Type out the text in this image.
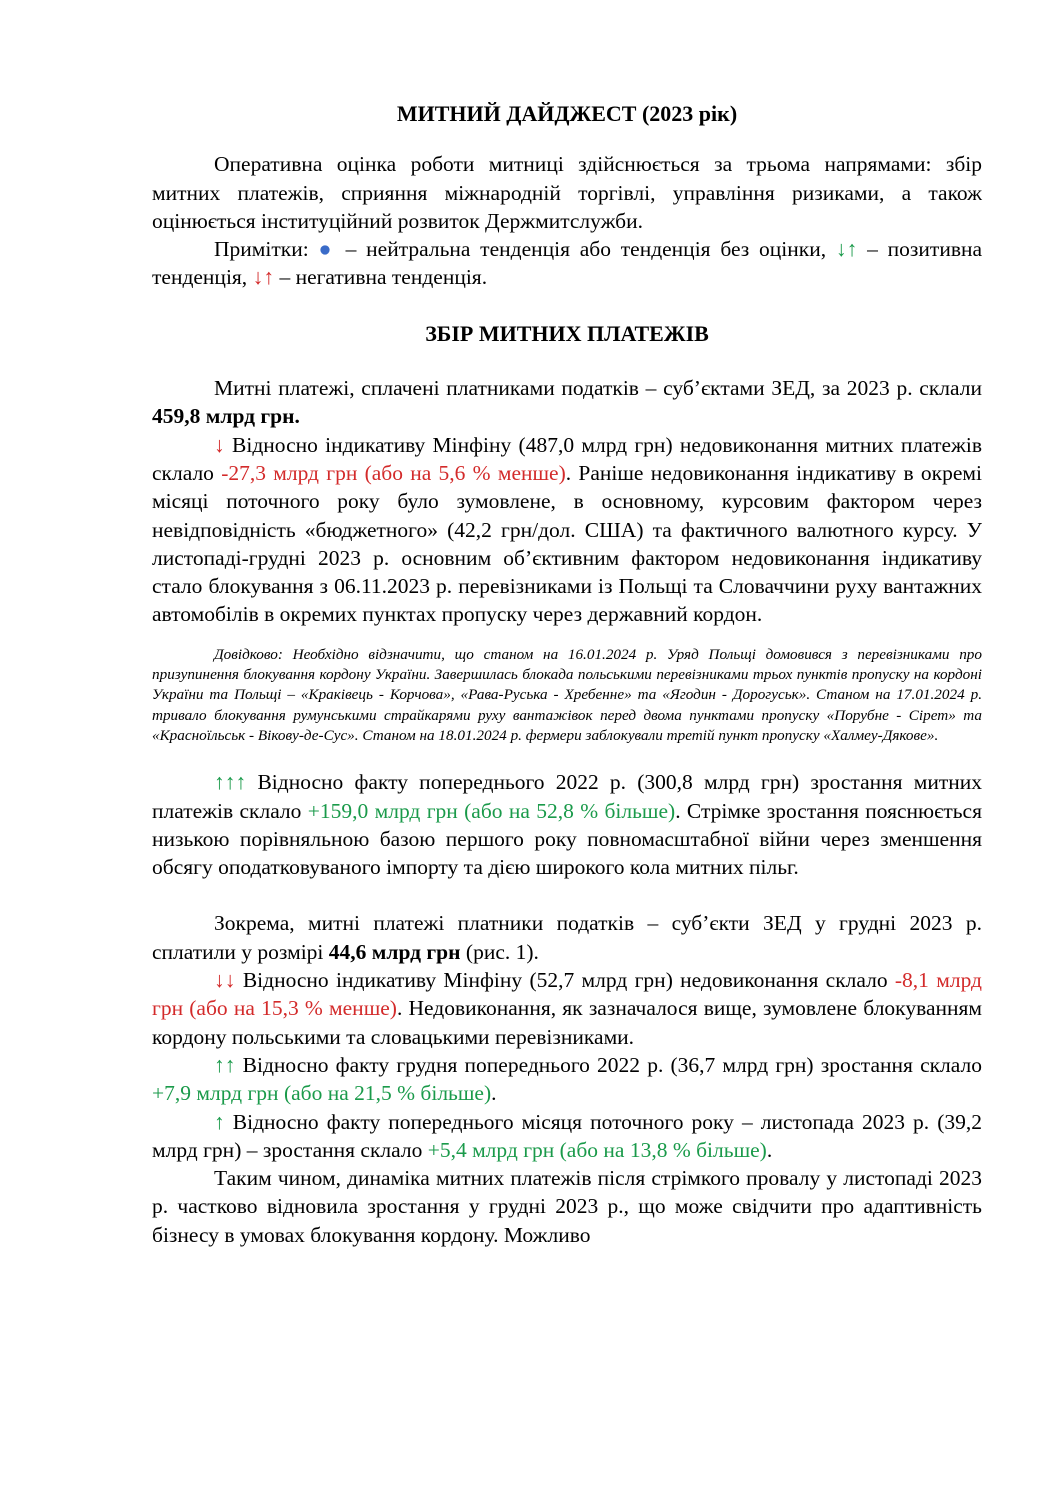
МИТНИЙ ДАЙДЖЕСТ (2023 рік)

Оперативна оцінка роботи митниці здійснюється за трьома напрямами: збір митних платежів, сприяння міжнародній торгівлі, управління ризиками, а також оцінюється інституційний розвиток Держмитслужби.

Примітки: ● – нейтральна тенденція або тенденція без оцінки, ↓↑ – позитивна тенденція, ↓↑ – негативна тенденція.

ЗБІР МИТНИХ ПЛАТЕЖІВ

Митні платежі, сплачені платниками податків – суб’єктами ЗЕД, за 2023 р. склали 459,8 млрд грн.

↓ Відносно індикативу Мінфіну (487,0 млрд грн) недовиконання митних платежів склало -27,3 млрд грн (або на 5,6 % менше). Раніше недовиконання індикативу в окремі місяці поточного року було зумовлене, в основному, курсовим фактором через невідповідність «бюджетного» (42,2 грн/дол. США) та фактичного валютного курсу. У листопаді-грудні 2023 р. основним об’єктивним фактором недовиконання індикативу стало блокування з 06.11.2023 р. перевізниками із Польщі та Словаччини руху вантажних автомобілів в окремих пунктах пропуску через державний кордон.

Довідково: Необхідно відзначити, що станом на 16.01.2024 р. Уряд Польщі домовився з перевізниками про призупинення блокування кордону України. Завершилась блокада польськими перевізниками трьох пунктів пропуску на кордоні України та Польщі – «Краківець - Корчова», «Рава-Руська - Хребенне» та «Ягодин - Дорогуськ». Станом на 17.01.2024 р. тривало блокування румунськими страйкарями руху вантажівок перед двома пунктами пропуску «Порубне - Сірет» та «Красноїльськ - Вікову-де-Сус». Станом на 18.01.2024 р. фермери заблокували третій пункт пропуску «Халмеу-Дякове».

↑↑↑ Відносно факту попереднього 2022 р. (300,8 млрд грн) зростання митних платежів склало +159,0 млрд грн (або на 52,8 % більше). Стрімке зростання пояснюється низькою порівняльною базою першого року повномасштабної війни через зменшення обсягу оподатковуваного імпорту та дією широкого кола митних пільг.

Зокрема, митні платежі платники податків – суб’єкти ЗЕД у грудні 2023 р. сплатили у розмірі 44,6 млрд грн (рис. 1).

↓↓ Відносно індикативу Мінфіну (52,7 млрд грн) недовиконання склало -8,1 млрд грн (або на 15,3 % менше). Недовиконання, як зазначалося вище, зумовлене блокуванням кордону польськими та словацькими перевізниками.

↑↑ Відносно факту грудня попереднього 2022 р. (36,7 млрд грн) зростання склало +7,9 млрд грн (або на 21,5 % більше).

↑ Відносно факту попереднього місяця поточного року – листопада 2023 р. (39,2 млрд грн) – зростання склало +5,4 млрд грн (або на 13,8 % більше).

Таким чином, динаміка митних платежів після стрімкого провалу у листопаді 2023 р. частково відновила зростання у грудні 2023 р., що може свідчити про адаптивність бізнесу в умовах блокування кордону. Можливо
